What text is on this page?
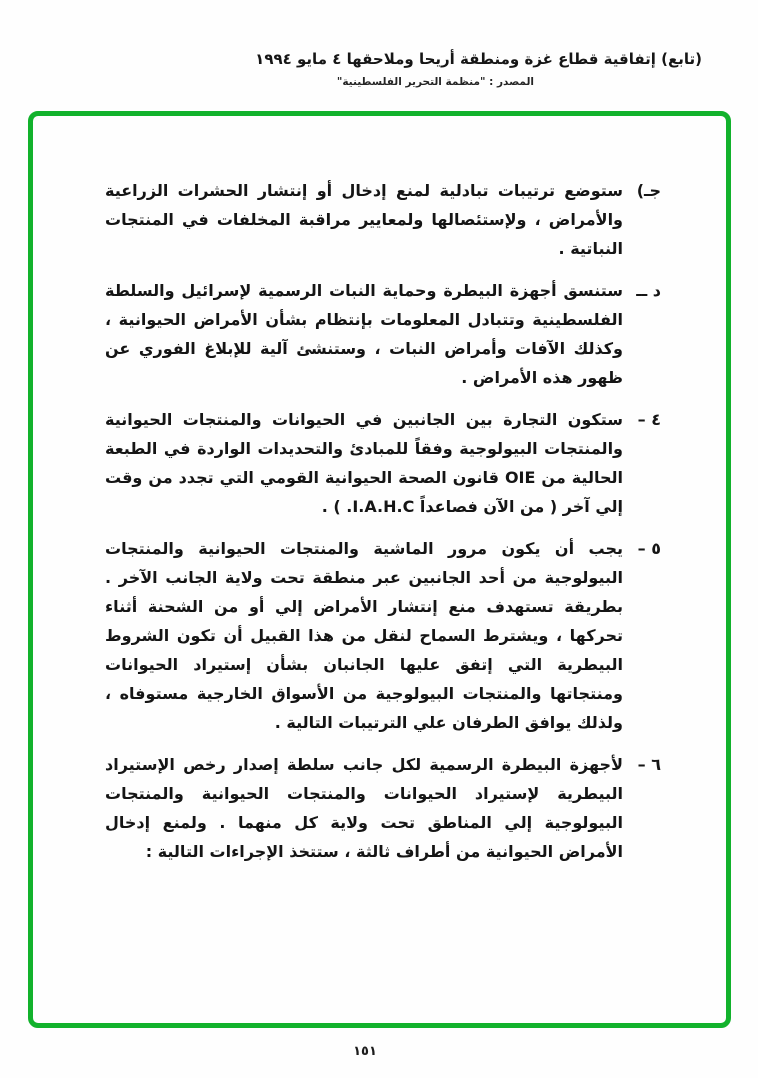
(تابع) إتفاقية قطاع غزة ومنطقة أريحا وملاحقها ٤ مايو ١٩٩٤
المصدر : "منظمة التحرير الفلسطينية"
جـ)
ستوضع ترتيبات تبادلية لمنع إدخال أو إنتشار الحشرات الزراعية والأمراض ، ولإستئصالها ولمعايير مراقبة المخلفات في المنتجات النباتية .
د ــ
ستنسق أجهزة البيطرة وحماية النبات الرسمية لإسرائيل والسلطة الفلسطينية وتتبادل المعلومات بإنتظام بشأن الأمراض الحيوانية ، وكذلك الآفات وأمراض النبات ، وستنشئ آلية للإبلاغ الفوري عن ظهور هذه الأمراض .
٤ –
ستكون التجارة بين الجانبين في الحيوانات والمنتجات الحيوانية والمنتجات البيولوجية وفقاً للمبادئ والتحديدات الواردة في الطبعة الحالية من OIE قانون الصحة الحيوانية القومي التي تجدد من وقت إلي آخر ( من الآن فصاعداً I.A.H.C. ) .
٥ –
يجب أن يكون مرور الماشية والمنتجات الحيوانية والمنتجات البيولوجية من أحد الجانبين عبر منطقة تحت ولاية الجانب الآخر . بطريقة تستهدف منع إنتشار الأمراض إلي أو من الشحنة أثناء تحركها ، ويشترط السماح لنقل من هذا القبيل أن تكون الشروط البيطرية التي إتفق عليها الجانبان بشأن إستيراد الحيوانات ومنتجاتها والمنتجات البيولوجية من الأسواق الخارجية مستوفاه ، ولذلك يوافق الطرفان علي الترتيبات التالية .
٦ –
لأجهزة البيطرة الرسمية لكل جانب سلطة إصدار رخص الإستيراد البيطرية لإستيراد الحيوانات والمنتجات الحيوانية والمنتجات البيولوجية إلي المناطق تحت ولاية كل منهما . ولمنع إدخال الأمراض الحيوانية من أطراف ثالثة ، ستتخذ الإجراءات التالية :
١٥١
